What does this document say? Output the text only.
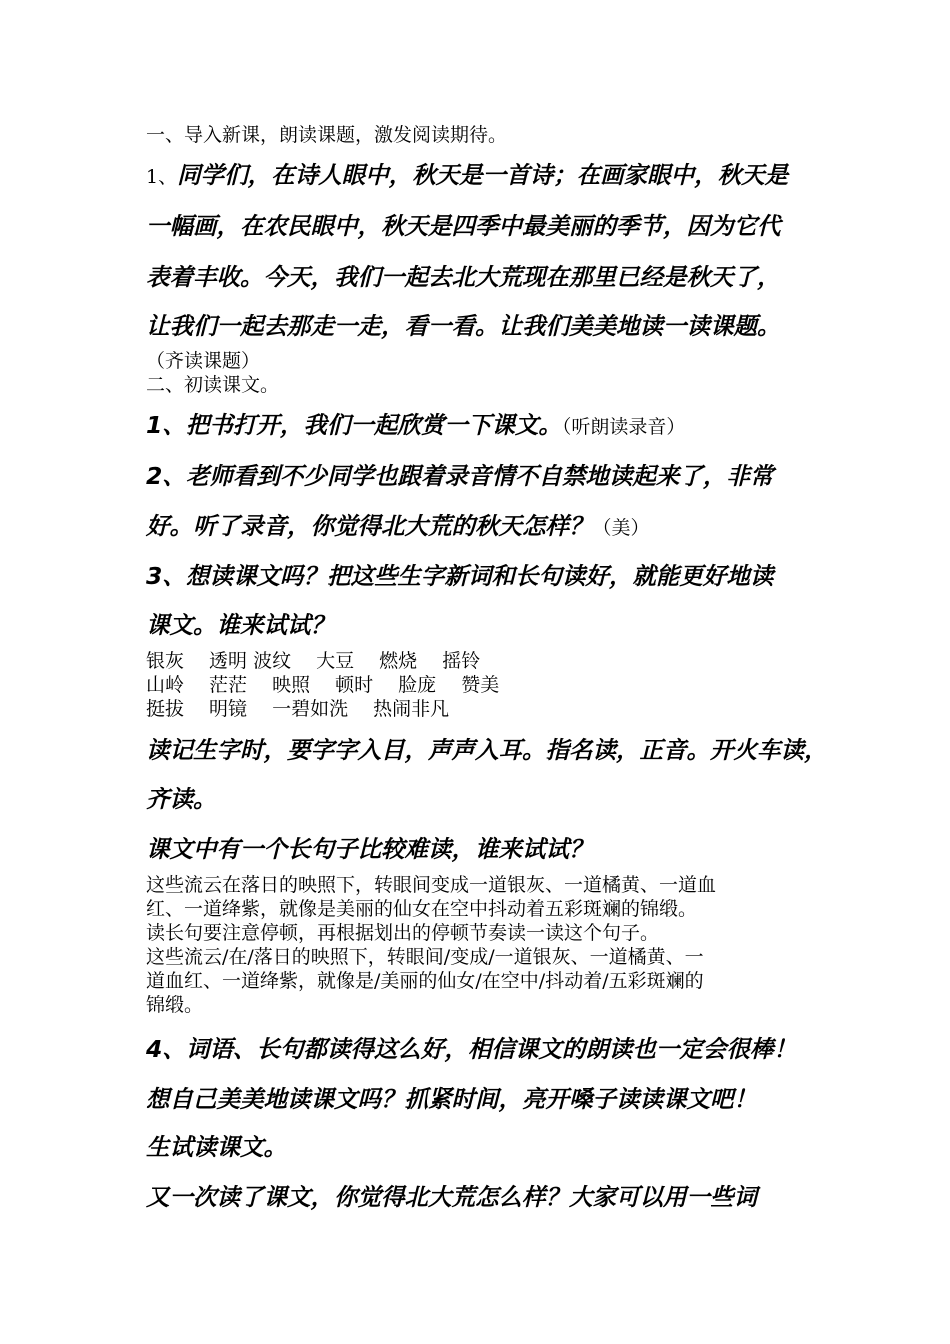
一、导入新课，朗读课题，激发阅读期待。
1、同学们，在诗人眼中，秋天是一首诗；在画家眼中，秋天是
一幅画，在农民眼中，秋天是四季中最美丽的季节，因为它代
表着丰收。今天，我们一起去北大荒现在那里已经是秋天了，
让我们一起去那走一走，看一看。让我们美美地读一读课题。
（齐读课题）
二、初读课文。
1、把书打开，我们一起欣赏一下课文。（听朗读录音）
2、老师看到不少同学也跟着录音情不自禁地读起来了，非常
好。听了录音，你觉得北大荒的秋天怎样？（美）
3、想读课文吗？把这些生字新词和长句读好，就能更好地读
课文。谁来试试？
银灰　 透明 波纹　 大豆　 燃烧　 摇铃
山岭　 茫茫　 映照　 顿时　 脸庞　 赞美
挺拔　 明镜　 一碧如洗　 热闹非凡
读记生字时，要字字入目，声声入耳。指名读，正音。开火车读，
齐读。
课文中有一个长句子比较难读，谁来试试？
这些流云在落日的映照下，转眼间变成一道银灰、一道橘黄、一道血
红、一道绛紫，就像是美丽的仙女在空中抖动着五彩斑斓的锦缎。
读长句要注意停顿，再根据划出的停顿节奏读一读这个句子。
这些流云/在/落日的映照下，转眼间/变成/一道银灰、一道橘黄、一
道血红、一道绛紫，就像是/美丽的仙女/在空中/抖动着/五彩斑斓的
锦缎。
4、词语、长句都读得这么好，相信课文的朗读也一定会很棒！
想自己美美地读课文吗？抓紧时间，亮开嗓子读读课文吧！
生试读课文。
又一次读了课文，你觉得北大荒怎么样？大家可以用一些词
